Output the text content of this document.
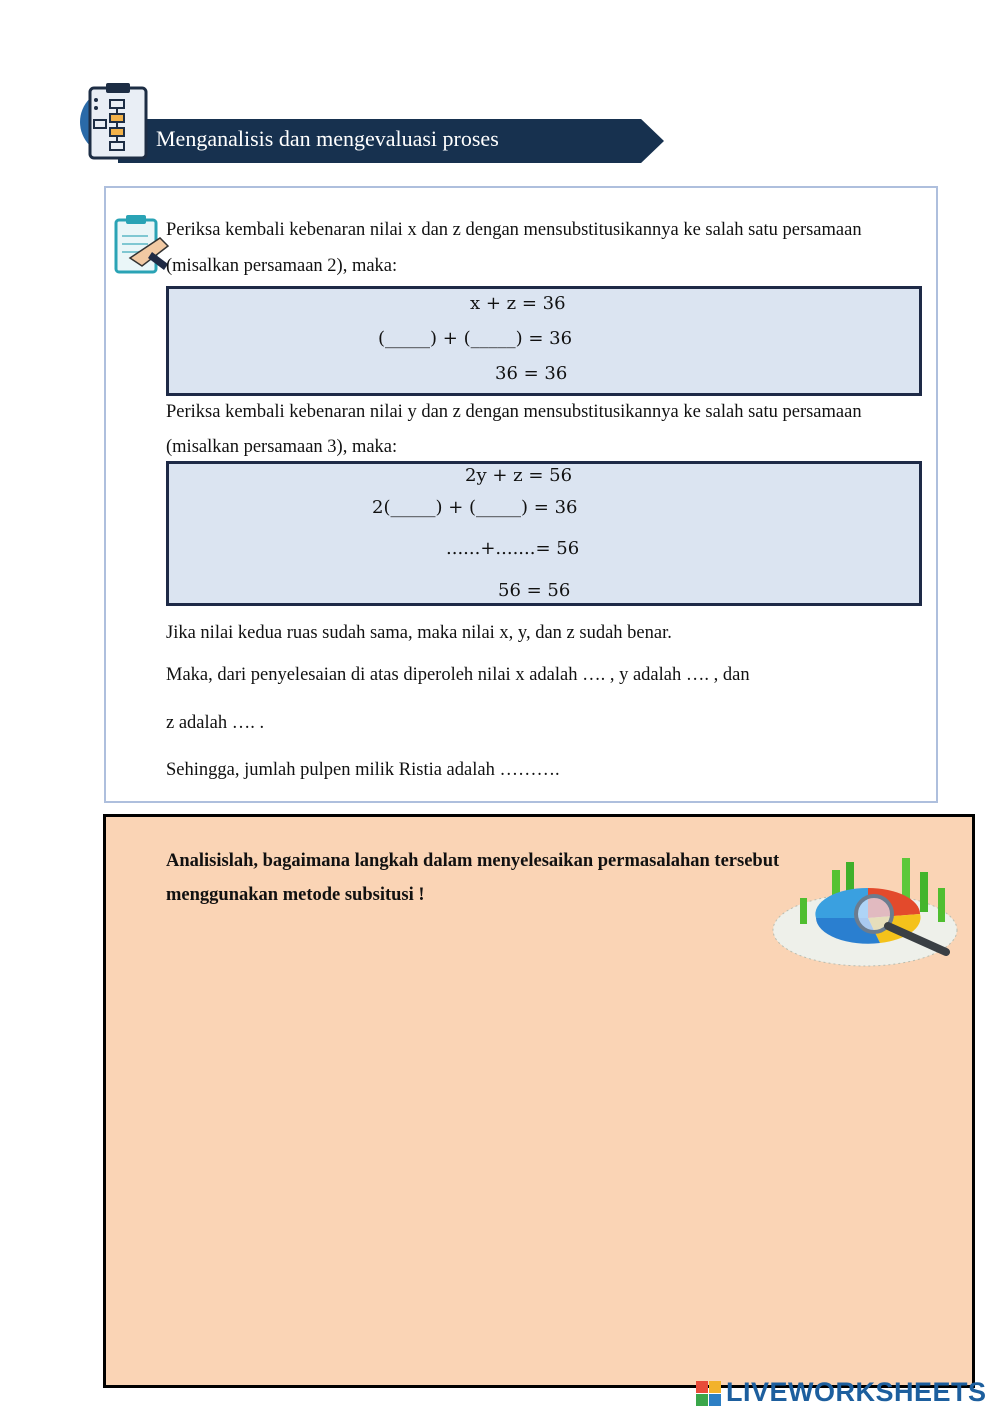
Menganalisis dan mengevaluasi proses
Periksa kembali kebenaran nilai x dan z dengan mensubstitusikannya ke salah satu persamaan
(misalkan persamaan 2), maka:
x + z = 36
(_____) + (_____) = 36
36 = 36
Periksa kembali kebenaran nilai y dan z dengan mensubstitusikannya ke salah satu persamaan
(misalkan persamaan 3), maka:
2y + z = 56
2(_____) + (_____) = 36
......+.......= 56
56 = 56
Jika nilai kedua ruas sudah sama, maka nilai x, y, dan z sudah benar.
Maka, dari penyelesaian di atas diperoleh nilai x adalah …. , y adalah …. , dan
z adalah …. .
Sehingga, jumlah pulpen milik Ristia adalah ……….
Analisislah, bagaimana langkah dalam menyelesaikan permasalahan tersebut
menggunakan metode subsitusi !
LIVEWORKSHEETS
